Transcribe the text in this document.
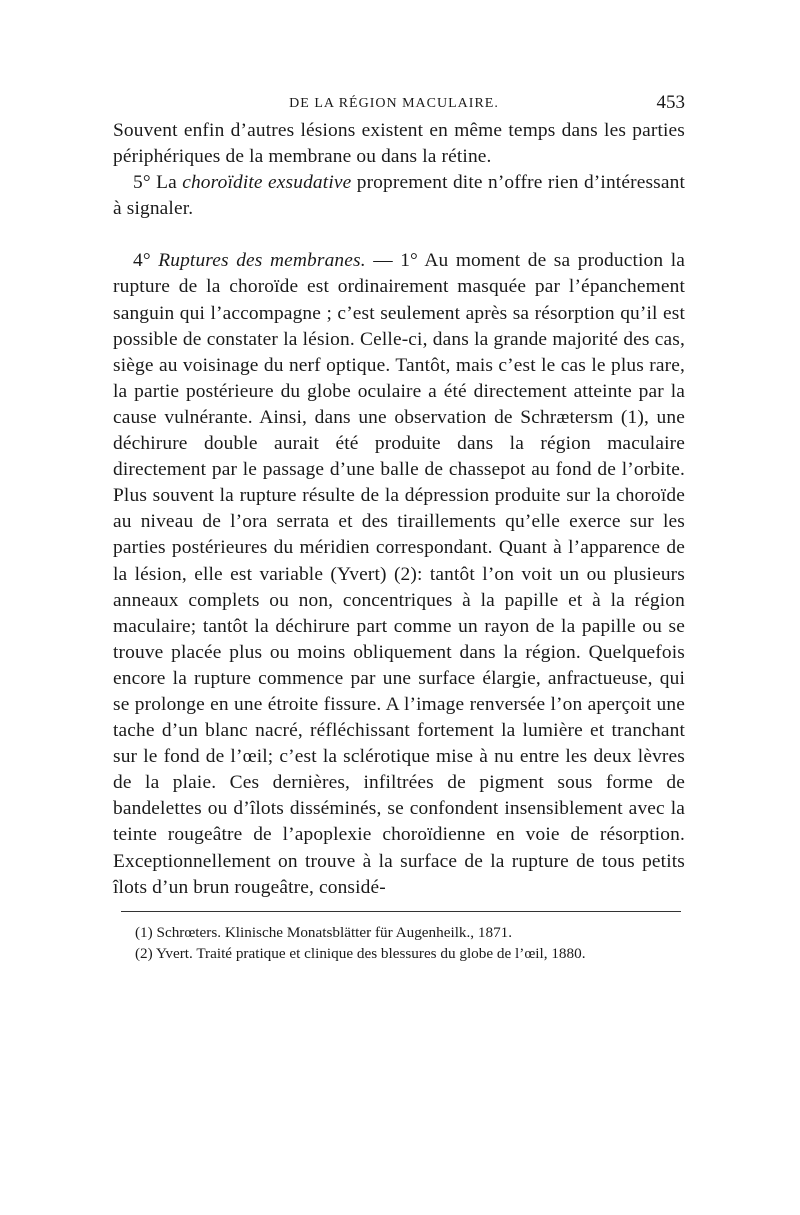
DE LA RÉGION MACULAIRE.	453

Souvent enfin d’autres lésions existent en même temps dans les parties périphériques de la membrane ou dans la rétine.

5° La choroïdite exsudative proprement dite n’offre rien d’intéressant à signaler.

4° Ruptures des membranes. — 1° Au moment de sa production la rupture de la choroïde est ordinairement masquée par l’épanchement sanguin qui l’accompagne ; c’est seulement après sa résorption qu’il est possible de constater la lésion. Celle-ci, dans la grande majorité des cas, siège au voisinage du nerf optique. Tantôt, mais c’est le cas le plus rare, la partie postérieure du globe oculaire a été directement atteinte par la cause vulnérante. Ainsi, dans une observation de Schrætersm (1), une déchirure double aurait été produite dans la région maculaire directement par le passage d’une balle de chassepot au fond de l’orbite. Plus souvent la rupture résulte de la dépression produite sur la choroïde au niveau de l’ora serrata et des tiraillements qu’elle exerce sur les parties postérieures du méridien correspondant. Quant à l’apparence de la lésion, elle est variable (Yvert) (2): tantôt l’on voit un ou plusieurs anneaux complets ou non, concentriques à la papille et à la région maculaire; tantôt la déchirure part comme un rayon de la papille ou se trouve placée plus ou moins obliquement dans la région. Quelquefois encore la rupture commence par une surface élargie, anfractueuse, qui se prolonge en une étroite fissure. A l’image renversée l’on aperçoit une tache d’un blanc nacré, réfléchissant fortement la lumière et tranchant sur le fond de l’œil; c’est la sclérotique mise à nu entre les deux lèvres de la plaie. Ces dernières, infiltrées de pigment sous forme de bandelettes ou d’îlots disséminés, se confondent insensiblement avec la teinte rougeâtre de l’apoplexie choroïdienne en voie de résorption. Exceptionnellement on trouve à la surface de la rupture de tous petits îlots d’un brun rougeâtre, considé-

(1) Schrœters. Klinische Monatsblätter für Augenheilk., 1871.

(2) Yvert. Traité pratique et clinique des blessures du globe de l’œil, 1880.
